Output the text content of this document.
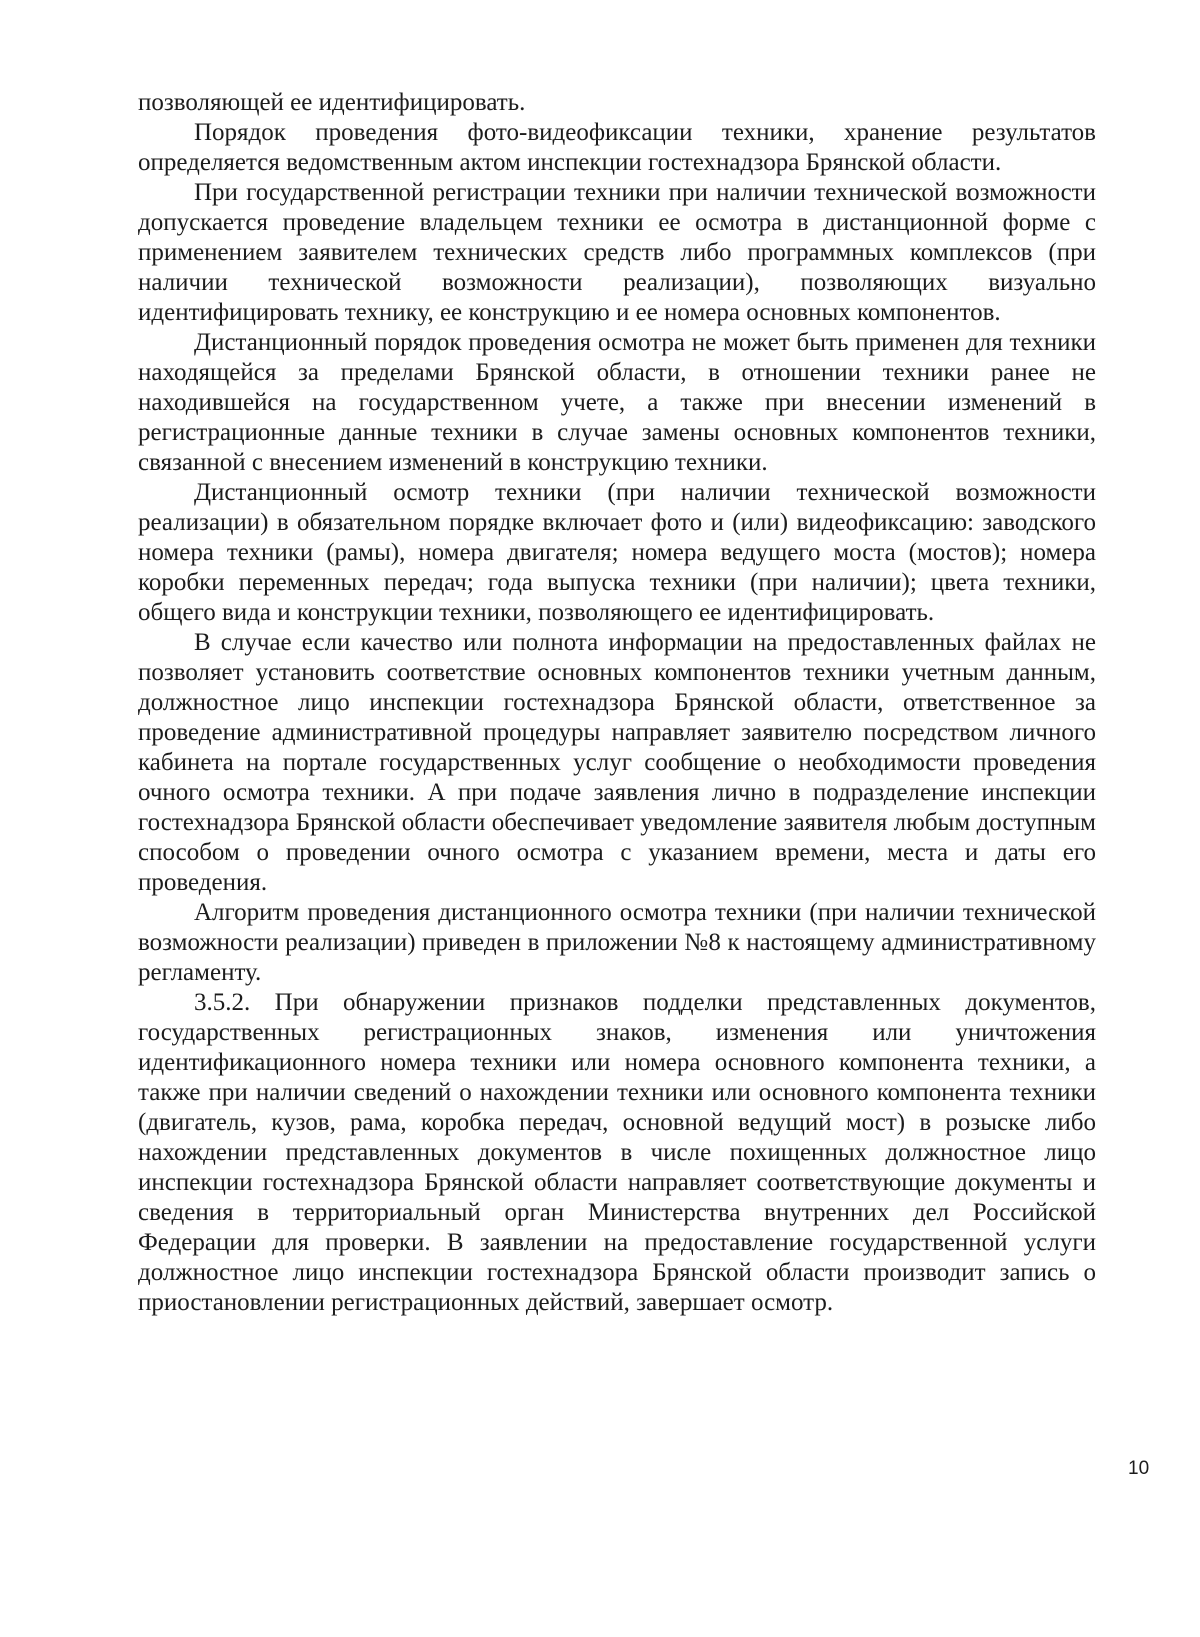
позволяющей ее идентифицировать.

Порядок проведения фото-видеофиксации техники, хранение результатов определяется ведомственным актом инспекции гостехнадзора Брянской области.

При государственной регистрации техники при наличии технической возможности допускается проведение владельцем техники ее осмотра в дистанционной форме с применением заявителем технических средств либо программных комплексов (при наличии технической возможности реализации), позволяющих визуально идентифицировать технику, ее конструкцию и ее номера основных компонентов.

Дистанционный порядок проведения осмотра не может быть применен для техники находящейся за пределами Брянской области, в отношении техники ранее не находившейся на государственном учете, а также при внесении изменений в регистрационные данные техники в случае замены основных компонентов техники, связанной с внесением изменений в конструкцию техники.

Дистанционный осмотр техники (при наличии технической возможности реализации) в обязательном порядке включает фото и (или) видеофиксацию: заводского номера техники (рамы), номера двигателя; номера ведущего моста (мостов); номера коробки переменных передач; года выпуска техники (при наличии); цвета техники, общего вида и конструкции техники, позволяющего ее идентифицировать.

В случае если качество или полнота информации на предоставленных файлах не позволяет установить соответствие основных компонентов техники учетным данным, должностное лицо инспекции гостехнадзора Брянской области, ответственное за проведение административной процедуры направляет заявителю посредством личного кабинета на портале государственных услуг сообщение о необходимости проведения очного осмотра техники. А при подаче заявления лично в подразделение инспекции гостехнадзора Брянской области обеспечивает уведомление заявителя любым доступным способом о проведении очного осмотра с указанием времени, места и даты его проведения.

Алгоритм проведения дистанционного осмотра техники (при наличии технической возможности реализации) приведен в приложении №8 к настоящему административному регламенту.

3.5.2. При обнаружении признаков подделки представленных документов, государственных регистрационных знаков, изменения или уничтожения идентификационного номера техники или номера основного компонента техники, а также при наличии сведений о нахождении техники или основного компонента техники (двигатель, кузов, рама, коробка передач, основной ведущий мост) в розыске либо нахождении представленных документов в числе похищенных должностное лицо инспекции гостехнадзора Брянской области направляет соответствующие документы и сведения в территориальный орган Министерства внутренних дел Российской Федерации для проверки. В заявлении на предоставление государственной услуги должностное лицо инспекции гостехнадзора Брянской области производит запись о приостановлении регистрационных действий, завершает осмотр.

10
